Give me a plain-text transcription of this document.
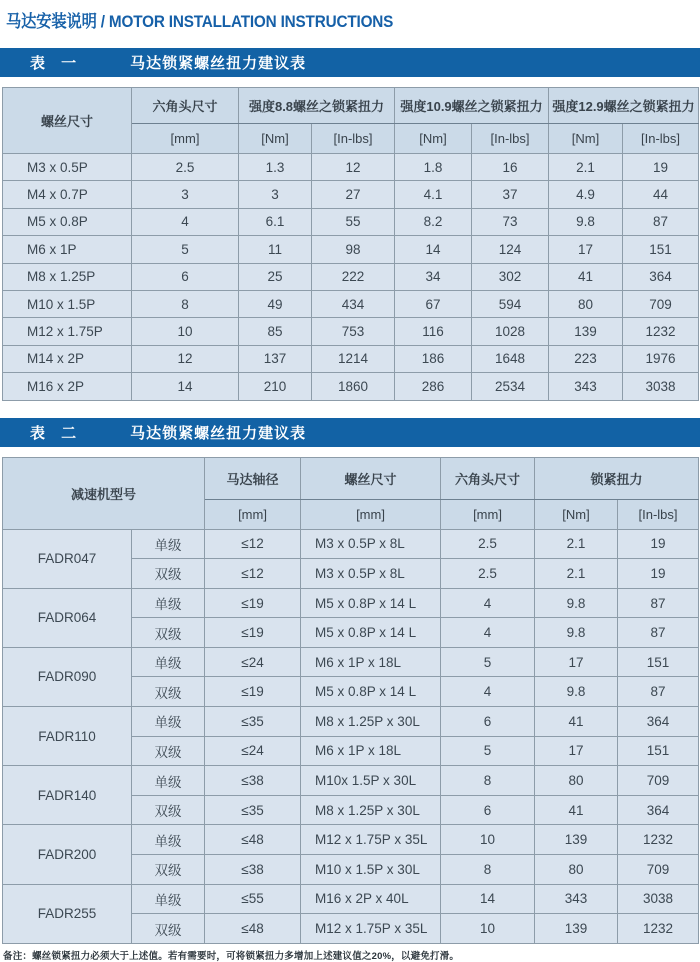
马达安装说明 / MOTOR INSTALLATION INSTRUCTIONS
表 一	马达锁紧螺丝扭力建议表
螺丝尺寸	六角头尺寸	强度8.8螺丝之锁紧扭力		强度10.9螺丝之锁紧扭力		强度12.9螺丝之锁紧扭力	
	[mm]	[Nm]	[In-lbs]	[Nm]	[In-lbs]	[Nm]	[In-lbs]
M3 x 0.5P	2.5	1.3	12	1.8	16	2.1	19
M4 x 0.7P	3	3	27	4.1	37	4.9	44
M5 x 0.8P	4	6.1	55	8.2	73	9.8	87
M6 x 1P	5	11	98	14	124	17	151
M8 x 1.25P	6	25	222	34	302	41	364
M10 x 1.5P	8	49	434	67	594	80	709
M12 x 1.75P	10	85	753	116	1028	139	1232
M14 x 2P	12	137	1214	186	1648	223	1976
M16 x 2P	14	210	1860	286	2534	343	3038
表 二	马达锁紧螺丝扭力建议表
减速机型号		马达轴径	螺丝尺寸	六角头尺寸	锁紧扭力	
		[mm]	[mm]	[mm]	[Nm]	[In-lbs]
FADR047	单级	≤12	M3 x 0.5P x 8L	2.5	2.1	19
	双级	≤12	M3 x 0.5P x 8L	2.5	2.1	19
FADR064	单级	≤19	M5 x 0.8P x 14 L	4	9.8	87
	双级	≤19	M5 x 0.8P x 14 L	4	9.8	87
FADR090	单级	≤24	M6 x 1P x 18L	5	17	151
	双级	≤19	M5 x 0.8P x 14 L	4	9.8	87
FADR110	单级	≤35	M8 x 1.25P x 30L	6	41	364
	双级	≤24	M6 x 1P x 18L	5	17	151
FADR140	单级	≤38	M10x 1.5P x 30L	8	80	709
	双级	≤35	M8 x 1.25P x 30L	6	41	364
FADR200	单级	≤48	M12 x 1.75P x 35L	10	139	1232
	双级	≤38	M10 x 1.5P x 30L	8	80	709
FADR255	单级	≤55	M16 x 2P x 40L	14	343	3038
	双级	≤48	M12 x 1.75P x 35L	10	139	1232

备注：螺丝锁紧扭力必须大于上述值。若有需要时，可将锁紧扭力多增加上述建议值之20%，以避免打滑。
